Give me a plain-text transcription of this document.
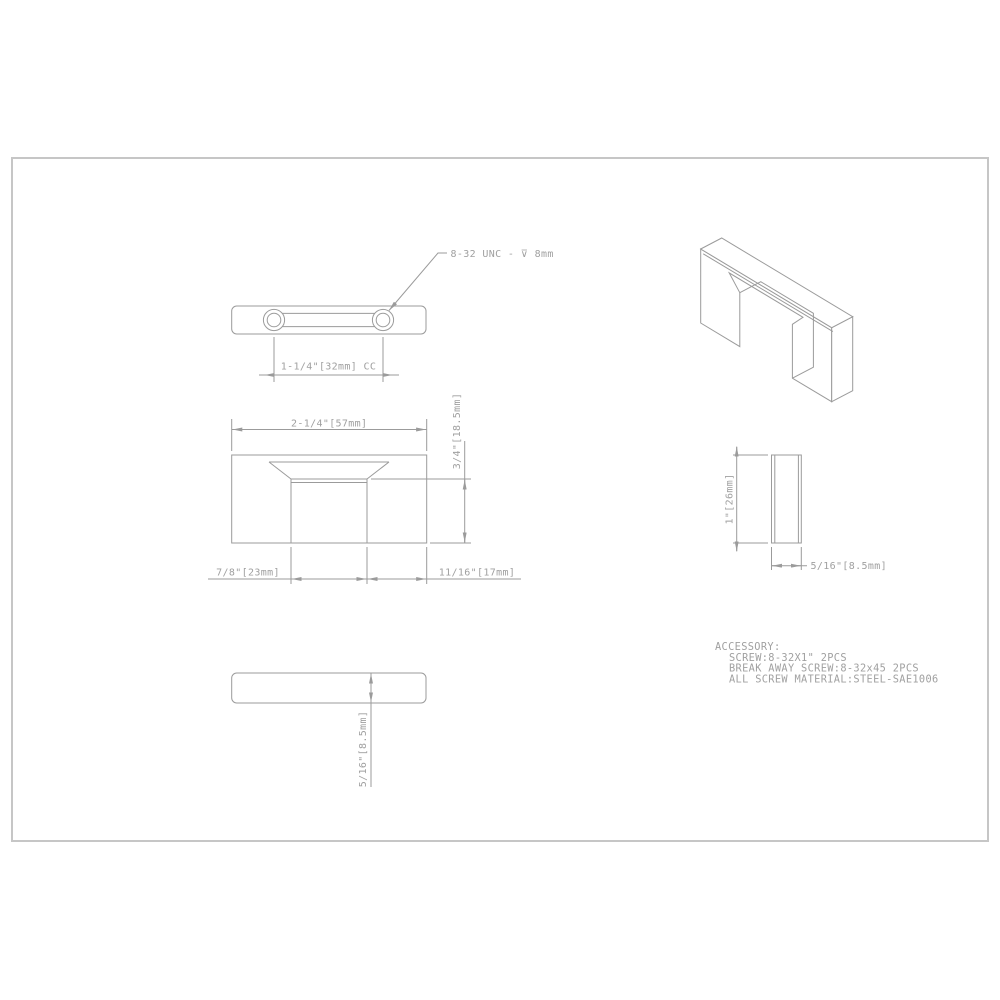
8-32 UNC - ⊽ 8mm
1-1/4"[32mm] CC
2-1/4"[57mm]	3/4"[18.5mm]
7/8"[23mm]	11/16"[17mm]
1"[26mm]
5/16"[8.5mm]
5/16"[8.5mm]
ACCESSORY:
SCREW:8-32X1" 2PCS
BREAK AWAY SCREW:8-32x45 2PCS
ALL SCREW MATERIAL:STEEL-SAE1006
